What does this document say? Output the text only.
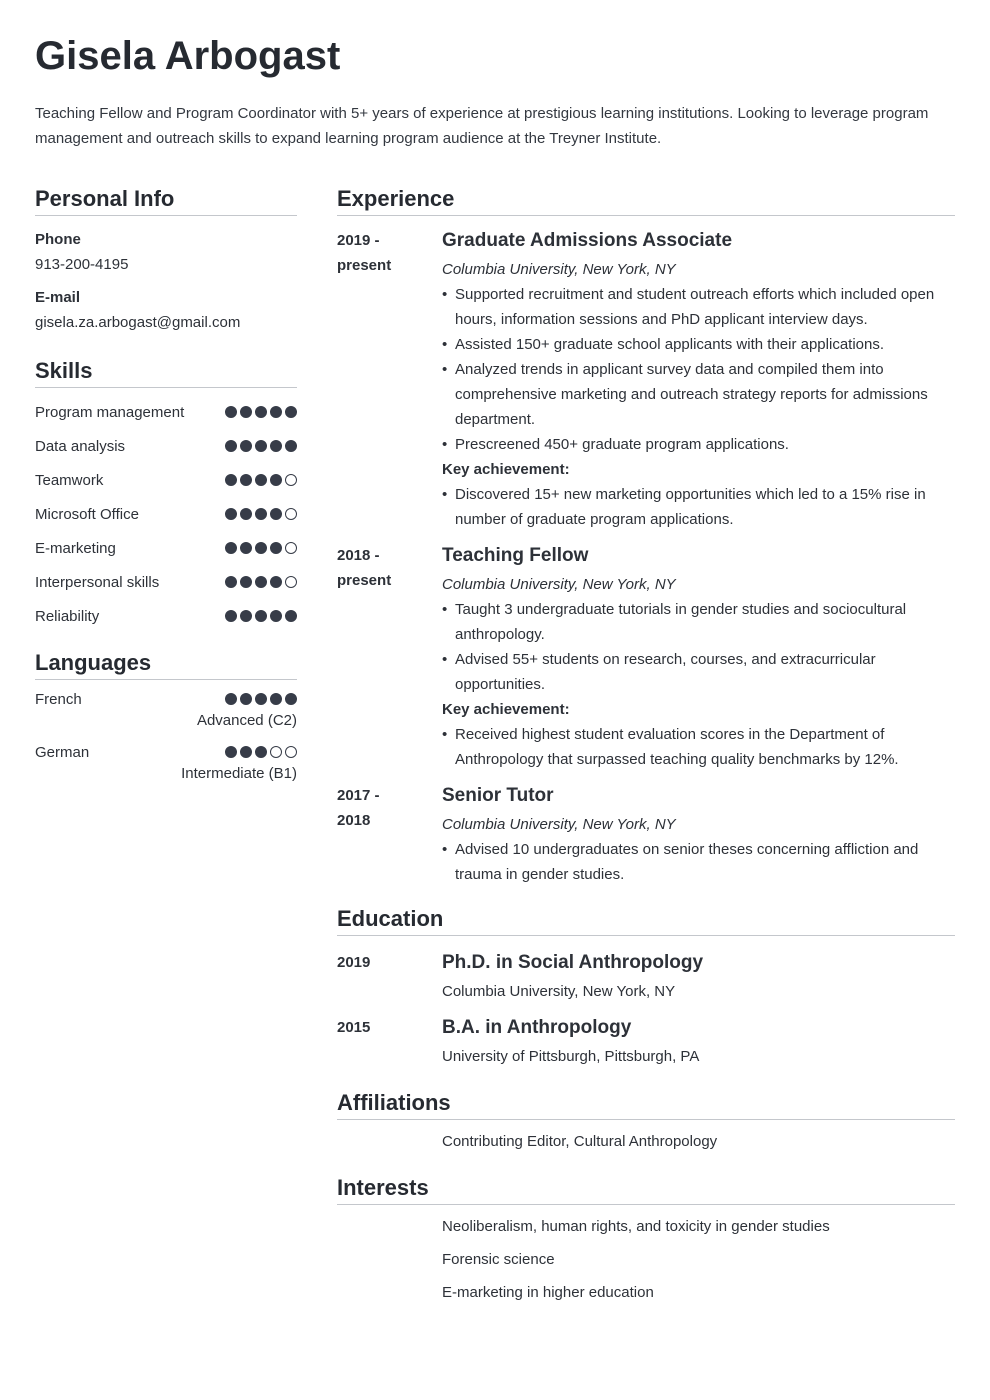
Gisela Arbogast

Teaching Fellow and Program Coordinator with 5+ years of experience at prestigious learning institutions. Looking to leverage program management and outreach skills to expand learning program audience at the Treyner Institute.

Personal Info
Phone
913-200-4195
E-mail
gisela.za.arbogast@gmail.com
Skills
Program management
Data analysis
Teamwork
Microsoft Office
E-marketing
Interpersonal skills
Reliability
Languages
French
Advanced (C2)
German
Intermediate (B1)
Experience
2019 -
present
Graduate Admissions Associate
Columbia University, New York, NY
• Supported recruitment and student outreach efforts which included open hours, information sessions and PhD applicant interview days.
• Assisted 150+ graduate school applicants with their applications.
• Analyzed trends in applicant survey data and compiled them into comprehensive marketing and outreach strategy reports for admissions department.
• Prescreened 450+ graduate program applications.
Key achievement:
• Discovered 15+ new marketing opportunities which led to a 15% rise in number of graduate program applications.
2018 -
present
Teaching Fellow
Columbia University, New York, NY
• Taught 3 undergraduate tutorials in gender studies and sociocultural anthropology.
• Advised 55+ students on research, courses, and extracurricular opportunities.
Key achievement:
• Received highest student evaluation scores in the Department of Anthropology that surpassed teaching quality benchmarks by 12%.
2017 -
2018
Senior Tutor
Columbia University, New York, NY
• Advised 10 undergraduates on senior theses concerning affliction and trauma in gender studies.
Education
2019	Ph.D. in Social Anthropology
Columbia University, New York, NY
2015	B.A. in Anthropology
University of Pittsburgh, Pittsburgh, PA
Affiliations
Contributing Editor, Cultural Anthropology
Interests
Neoliberalism, human rights, and toxicity in gender studies
Forensic science
E-marketing in higher education
